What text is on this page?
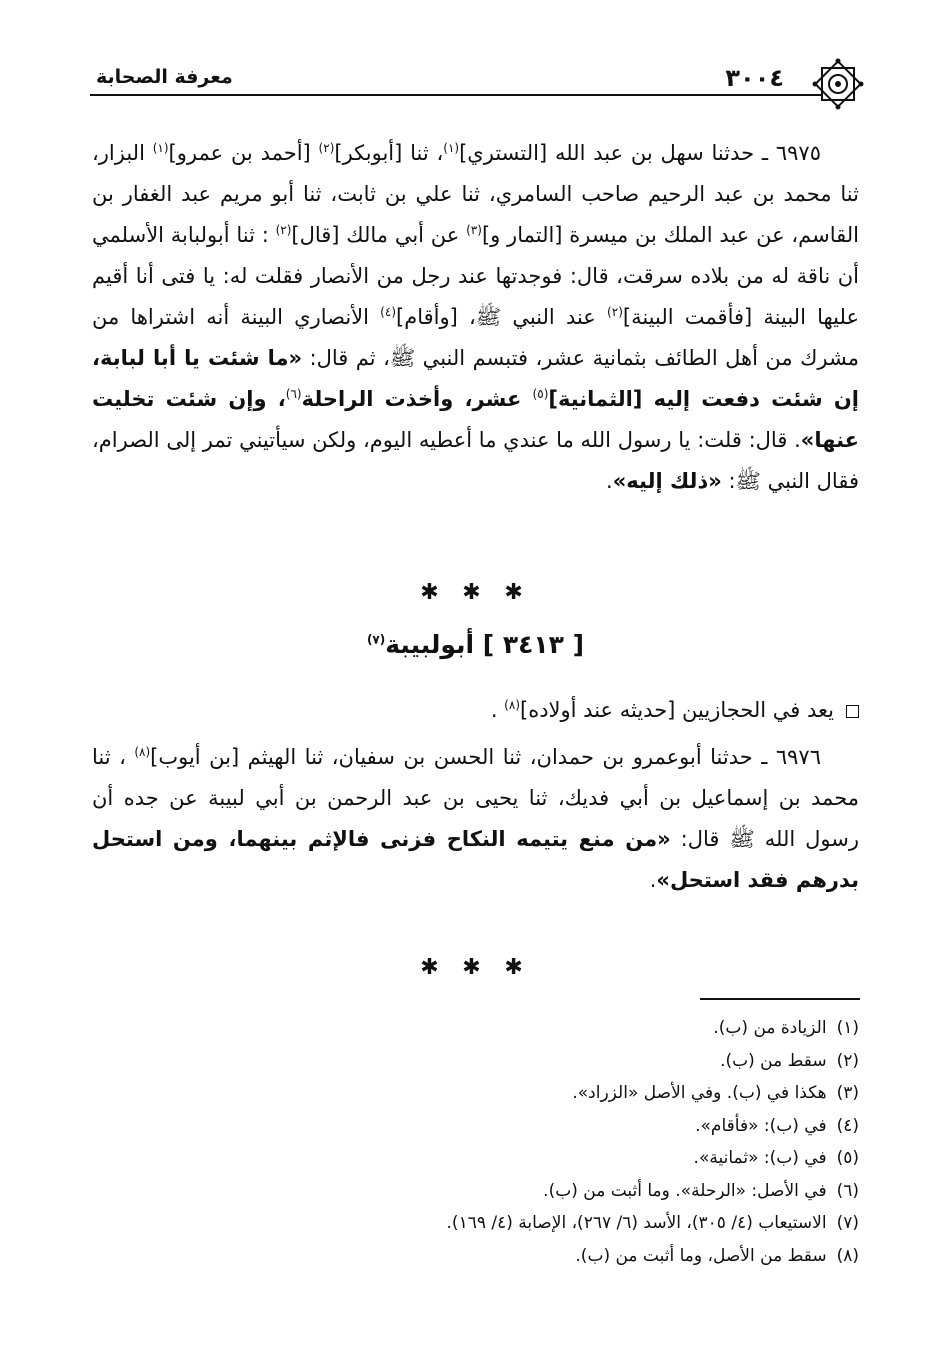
٣٠٠٤
معرفة الصحابة

٦٩٧٥ ـ حدثنا سهل بن عبد الله [التستري]$^{(١)}$، ثنا [أبوبكر]$^{(٢)}$ [أحمد بن عمرو]$^{(١)}$ البزار، ثنا محمد بن عبد الرحيم صاحب السامري، ثنا علي بن ثابت، ثنا أبو مريم عبد الغفار بن القاسم، عن عبد الملك بن ميسرة [التمار و]$^{(٣)}$ عن أبي مالك [قال]$^{(٢)}$ : ثنا أبولبابة الأسلمي أن ناقة له من بلاده سرقت، قال: فوجدتها عند رجل من الأنصار فقلت له: يا فتى أنا أقيم عليها البينة [فأقمت البينة]$^{(٢)}$ عند النبي ﷺ، [وأقام]$^{(٤)}$ الأنصاري البينة أنه اشتراها من مشرك من أهل الطائف بثمانية عشر، فتبسم النبي ﷺ، ثم قال: «ما شئت يا أبا لبابة، إن شئت دفعت إليه [الثمانية]$^{(٥)}$ عشر، وأخذت الراحلة$^{(٦)}$، وإن شئت تخليت عنها». قال: قلت: يا رسول الله ما عندي ما أعطيه اليوم، ولكن سيأتيني تمر إلى الصرام، فقال النبي ﷺ: «ذلك إليه».

✱ ✱ ✱
[ ٣٤١٣ ] أبولبيبة$^{(٧)}$
يعد في الحجازيين [حديثه عند أولاده]$^{(٨)}$ .

٦٩٧٦ ـ حدثنا أبوعمرو بن حمدان، ثنا الحسن بن سفيان، ثنا الهيثم [بن أيوب]$^{(٨)}$ ، ثنا محمد بن إسماعيل بن أبي فديك، ثنا يحيى بن عبد الرحمن بن أبي لبيبة عن جده أن رسول الله ﷺ قال: «من منع يتيمه النكاح فزنى فالإثم بينهما، ومن استحل بدرهم فقد استحل».

✱ ✱ ✱
(١)الزيادة من (ب).
(٢)سقط من (ب).
(٣)هكذا في (ب). وفي الأصل «الزراد».
(٤)في (ب): «فأقام».
(٥)في (ب): «ثمانية».
(٦)في الأصل: «الرحلة». وما أثبت من (ب).
(٧)الاستيعاب (٤/ ٣٠٥)، الأسد (٦/ ٢٦٧)، الإصابة (٤/ ١٦٩).
(٨)سقط من الأصل، وما أثبت من (ب).
